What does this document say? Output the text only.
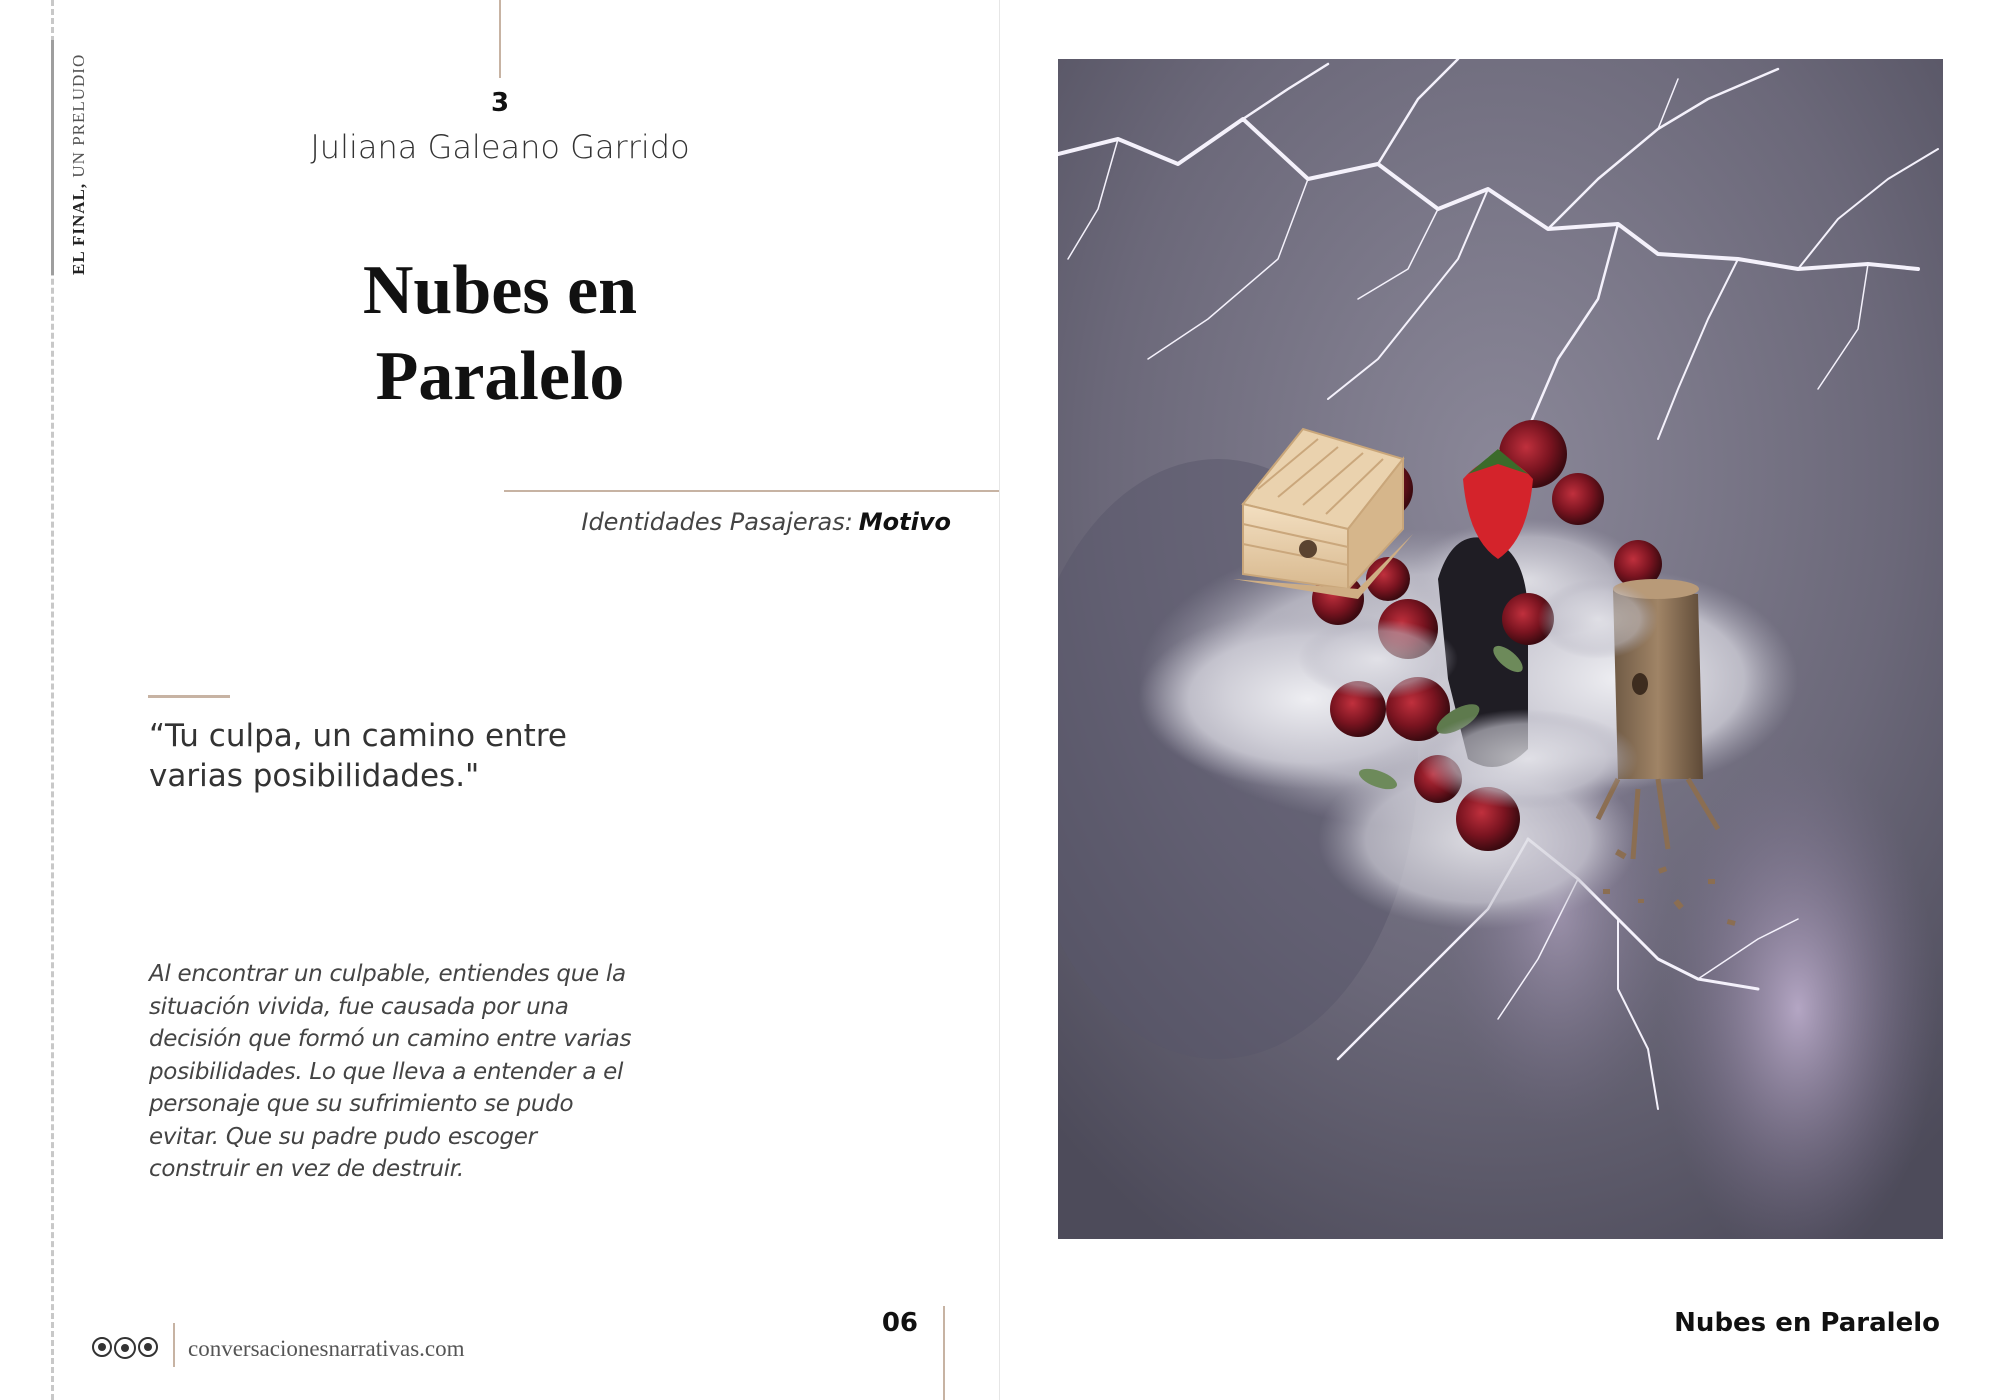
EL FINAL, UN PRELUDIO	3
Juliana Galeano Garrido
Nubes en
Paralelo
Identidades Pasajeras: Motivo
“Tu culpa, un camino entre
varias posibilidades."
Al encontrar un culpable, entiendes que la
situación vivida, fue causada por una
decisión que formó un camino entre varias
posibilidades. Lo que lleva a entender a el
personaje que su sufrimiento se pudo
evitar. Que su padre pudo escoger
construir en vez de destruir.
conversacionesnarrativas.com
06	Nubes en Paralelo
